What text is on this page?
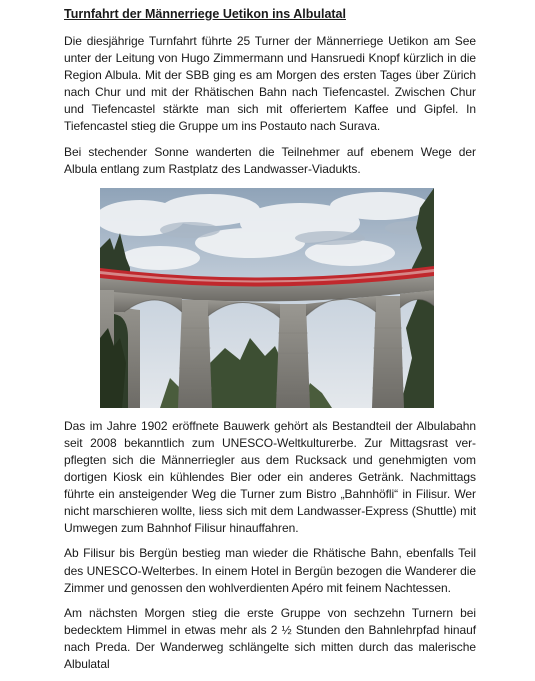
Turnfahrt der Männerriege Uetikon ins Albulatal

Die diesjährige Turnfahrt führte 25 Turner der Männerriege Uetikon am See unter der Leitung von Hugo Zimmermann und Hansruedi Knopf kürzlich in die Region Albula. Mit der SBB ging es am Morgen des ersten Tages über Zürich nach Chur und mit der Rhätischen Bahn nach Tiefencastel. Zwischen Chur und Tiefencastel stärkte man sich mit offeriertem Kaffee und Gipfel. In Tiefencastel stieg die Gruppe um ins Postauto nach Surava.

Bei stechender Sonne wanderten die Teilnehmer auf ebenem Wege der Albula entlang zum Rastplatz des Landwasser-Viadukts.

Das im Jahre 1902 eröffnete Bauwerk gehört als Bestandteil der Albulabahn seit 2008 bekanntlich zum UNESCO-Weltkulturerbe. Zur Mittagsrast ver-pflegten sich die Männerriegler aus dem Rucksack und genehmigten vom dortigen Kiosk ein kühlendes Bier oder ein anderes Getränk. Nachmittags führte ein ansteigender Weg die Turner zum Bistro „Bahnhöfli“ in Filisur. Wer nicht marschieren wollte, liess sich mit dem Landwasser-Express (Shuttle) mit Umwegen zum Bahnhof Filisur hinauffahren.

Ab Filisur bis Bergün bestieg man wieder die Rhätische Bahn, ebenfalls Teil des UNESCO-Welterbes. In einem Hotel in Bergün bezogen die Wanderer die Zimmer und genossen den wohlverdienten Apéro mit feinem Nachtessen.

Am nächsten Morgen stieg die erste Gruppe von sechzehn Turnern bei bedecktem Himmel in etwas mehr als 2 ½ Stunden den Bahnlehrpfad hinauf nach Preda. Der Wanderweg schlängelte sich mitten durch das malerische Albulatal
